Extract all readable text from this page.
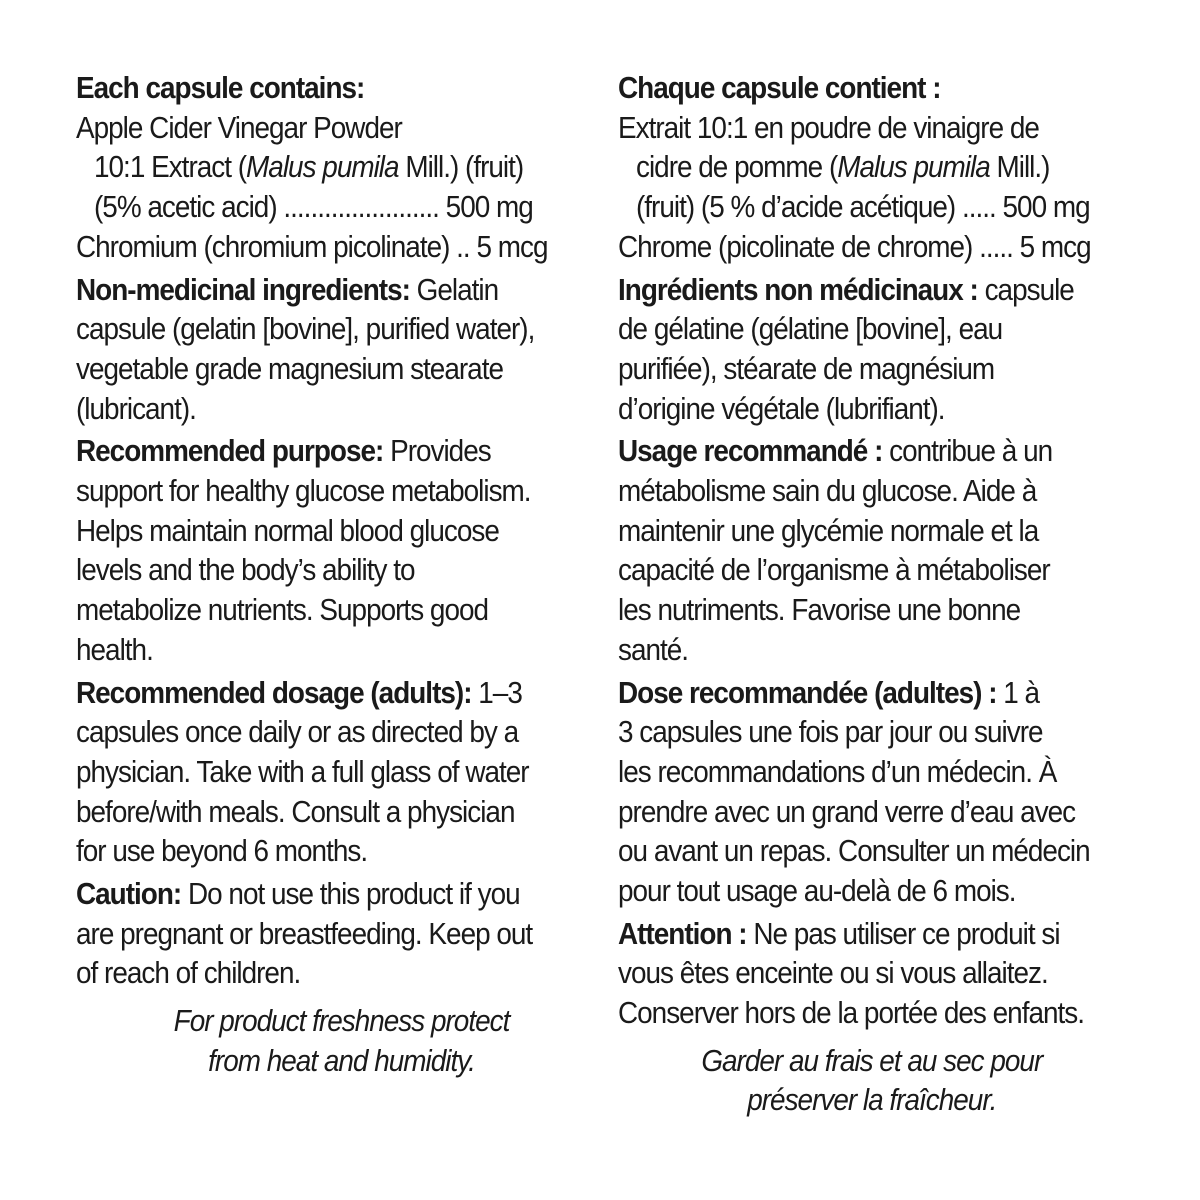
Each capsule contains:
Apple Cider Vinegar Powder
10:1 Extract (Malus pumila Mill.) (fruit)
(5% acetic acid) ....................... 500 mg
Chromium (chromium picolinate) .. 5 mcg
Non-medicinal ingredients: Gelatin
capsule (gelatin [bovine], purified water),
vegetable grade magnesium stearate
(lubricant).
Recommended purpose: Provides
support for healthy glucose metabolism.
Helps maintain normal blood glucose
levels and the body’s ability to
metabolize nutrients. Supports good
health.
Recommended dosage (adults): 1–3
capsules once daily or as directed by a
physician. Take with a full glass of water
before/with meals. Consult a physician
for use beyond 6 months.
Caution: Do not use this product if you
are pregnant or breastfeeding. Keep out
of reach of children.
For product freshness protect
from heat and humidity.
Chaque capsule contient :
Extrait 10:1 en poudre de vinaigre de
cidre de pomme (Malus pumila Mill.)
(fruit) (5 % d’acide acétique) ..... 500 mg
Chrome (picolinate de chrome) ..... 5 mcg
Ingrédients non médicinaux : capsule
de gélatine (gélatine [bovine], eau
purifiée), stéarate de magnésium
d’origine végétale (lubrifiant).
Usage recommandé : contribue à un
métabolisme sain du glucose. Aide à
maintenir une glycémie normale et la
capacité de l’organisme à métaboliser
les nutriments. Favorise une bonne
santé.
Dose recommandée (adultes) : 1 à
3 capsules une fois par jour ou suivre
les recommandations d’un médecin. À
prendre avec un grand verre d’eau avec
ou avant un repas. Consulter un médecin
pour tout usage au-delà de 6 mois.
Attention : Ne pas utiliser ce produit si
vous êtes enceinte ou si vous allaitez.
Conserver hors de la portée des enfants.
Garder au frais et au sec pour
préserver la fraîcheur.
